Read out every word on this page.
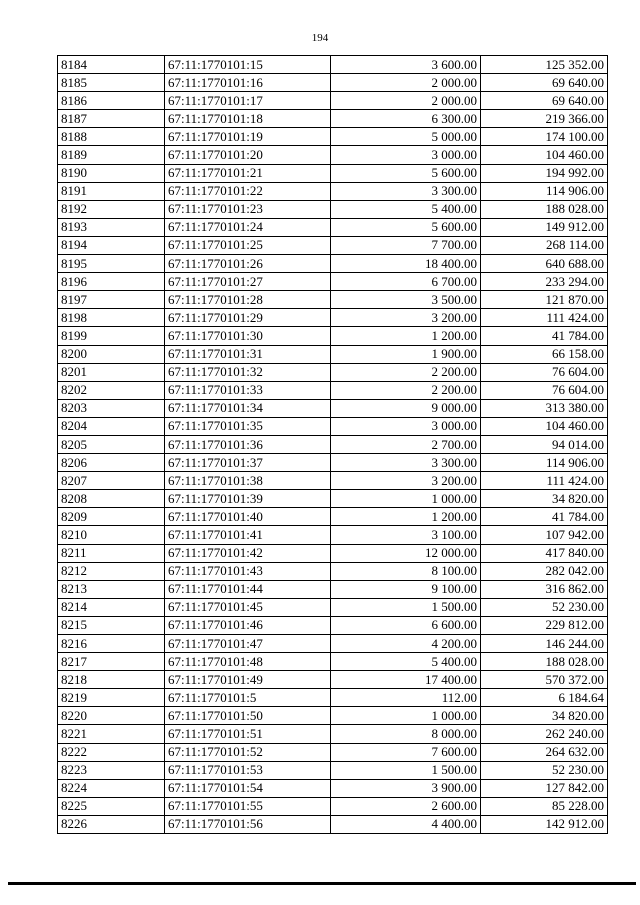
194
8184	67:11:1770101:15	3 600.00	125 352.00
8185	67:11:1770101:16	2 000.00	69 640.00
8186	67:11:1770101:17	2 000.00	69 640.00
8187	67:11:1770101:18	6 300.00	219 366.00
8188	67:11:1770101:19	5 000.00	174 100.00
8189	67:11:1770101:20	3 000.00	104 460.00
8190	67:11:1770101:21	5 600.00	194 992.00
8191	67:11:1770101:22	3 300.00	114 906.00
8192	67:11:1770101:23	5 400.00	188 028.00
8193	67:11:1770101:24	5 600.00	149 912.00
8194	67:11:1770101:25	7 700.00	268 114.00
8195	67:11:1770101:26	18 400.00	640 688.00
8196	67:11:1770101:27	6 700.00	233 294.00
8197	67:11:1770101:28	3 500.00	121 870.00
8198	67:11:1770101:29	3 200.00	111 424.00
8199	67:11:1770101:30	1 200.00	41 784.00
8200	67:11:1770101:31	1 900.00	66 158.00
8201	67:11:1770101:32	2 200.00	76 604.00
8202	67:11:1770101:33	2 200.00	76 604.00
8203	67:11:1770101:34	9 000.00	313 380.00
8204	67:11:1770101:35	3 000.00	104 460.00
8205	67:11:1770101:36	2 700.00	94 014.00
8206	67:11:1770101:37	3 300.00	114 906.00
8207	67:11:1770101:38	3 200.00	111 424.00
8208	67:11:1770101:39	1 000.00	34 820.00
8209	67:11:1770101:40	1 200.00	41 784.00
8210	67:11:1770101:41	3 100.00	107 942.00
8211	67:11:1770101:42	12 000.00	417 840.00
8212	67:11:1770101:43	8 100.00	282 042.00
8213	67:11:1770101:44	9 100.00	316 862.00
8214	67:11:1770101:45	1 500.00	52 230.00
8215	67:11:1770101:46	6 600.00	229 812.00
8216	67:11:1770101:47	4 200.00	146 244.00
8217	67:11:1770101:48	5 400.00	188 028.00
8218	67:11:1770101:49	17 400.00	570 372.00
8219	67:11:1770101:5	112.00	6 184.64
8220	67:11:1770101:50	1 000.00	34 820.00
8221	67:11:1770101:51	8 000.00	262 240.00
8222	67:11:1770101:52	7 600.00	264 632.00
8223	67:11:1770101:53	1 500.00	52 230.00
8224	67:11:1770101:54	3 900.00	127 842.00
8225	67:11:1770101:55	2 600.00	85 228.00
8226	67:11:1770101:56	4 400.00	142 912.00
